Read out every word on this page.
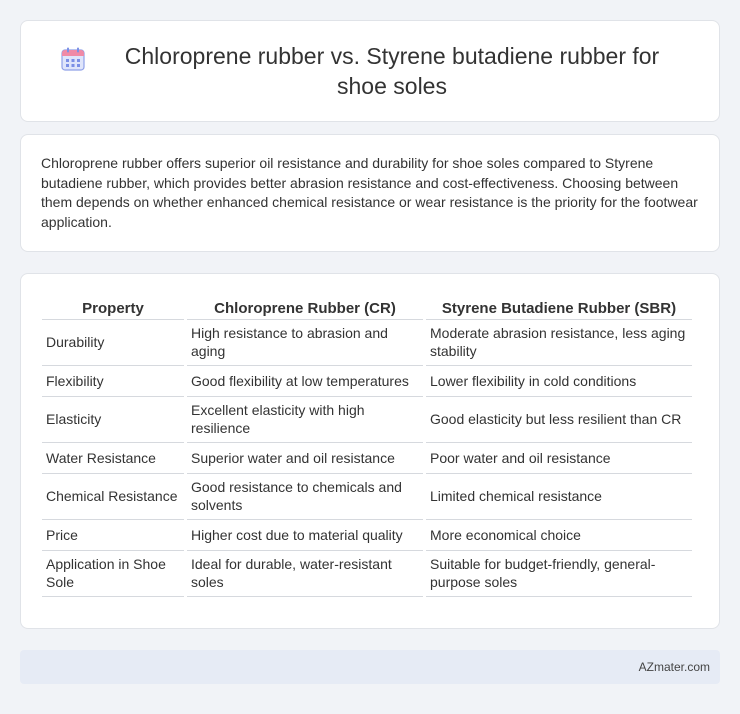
Chloroprene rubber vs. Styrene butadiene rubber for shoe soles

Chloroprene rubber offers superior oil resistance and durability for shoe soles compared to Styrene butadiene rubber, which provides better abrasion resistance and cost-effectiveness. Choosing between them depends on whether enhanced chemical resistance or wear resistance is the priority for the footwear application.

Property	Chloroprene Rubber (CR)	Styrene Butadiene Rubber (SBR)
Durability	High resistance to abrasion and aging	Moderate abrasion resistance, less aging stability
Flexibility	Good flexibility at low temperatures	Lower flexibility in cold conditions
Elasticity	Excellent elasticity with high resilience	Good elasticity but less resilient than CR
Water Resistance	Superior water and oil resistance	Poor water and oil resistance
Chemical Resistance	Good resistance to chemicals and solvents	Limited chemical resistance
Price	Higher cost due to material quality	More economical choice
Application in Shoe Sole	Ideal for durable, water-resistant soles	Suitable for budget-friendly, general-purpose soles
AZmater.com
